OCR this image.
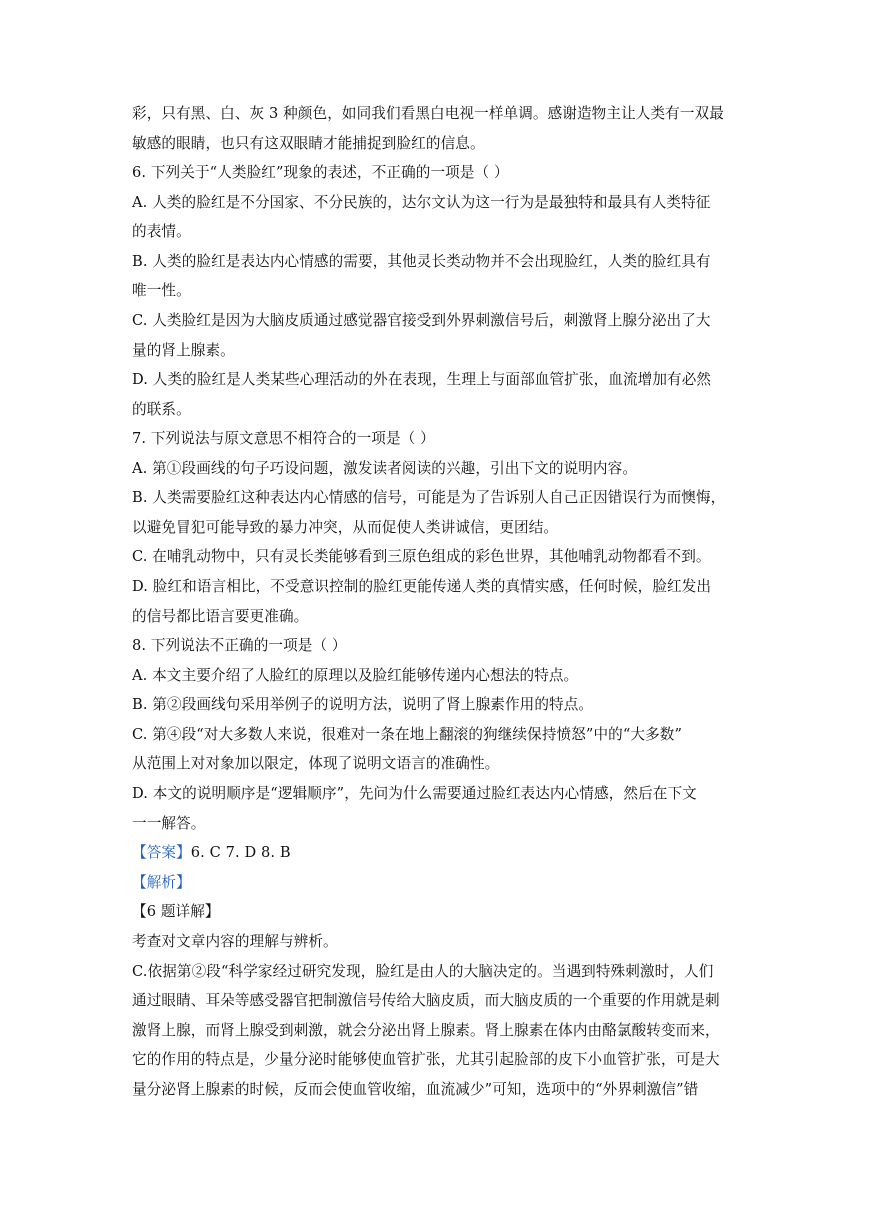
彩，只有黑、白、灰 3 种颜色，如同我们看黑白电视一样单调。感谢造物主让人类有一双最
敏感的眼睛，也只有这双眼睛才能捕捉到脸红的信息。
6. 下列关于“人类脸红”现象的表述，不正确的一项是（ ）
A. 人类的脸红是不分国家、不分民族的，达尔文认为这一行为是最独特和最具有人类特征
的表情。
B. 人类的脸红是表达内心情感的需要，其他灵长类动物并不会出现脸红，人类的脸红具有
唯一性。
C. 人类脸红是因为大脑皮质通过感觉器官接受到外界刺激信号后，刺激肾上腺分泌出了大
量的肾上腺素。
D. 人类的脸红是人类某些心理活动的外在表现，生理上与面部血管扩张，血流增加有必然
的联系。
7. 下列说法与原文意思不相符合的一项是（ ）
A. 第①段画线的句子巧设问题，激发读者阅读的兴趣，引出下文的说明内容。
B. 人类需要脸红这种表达内心情感的信号，可能是为了告诉别人自己正因错误行为而懊悔，
以避免冒犯可能导致的暴力冲突，从而促使人类讲诚信，更团结。
C. 在哺乳动物中，只有灵长类能够看到三原色组成的彩色世界，其他哺乳动物都看不到。
D. 脸红和语言相比，不受意识控制的脸红更能传递人类的真情实感，任何时候，脸红发出
的信号都比语言要更准确。
8. 下列说法不正确的一项是（ ）
A. 本文主要介绍了人脸红的原理以及脸红能够传递内心想法的特点。
B. 第②段画线句采用举例子的说明方法，说明了肾上腺素作用的特点。
C. 第④段“对大多数人来说，很难对一条在地上翻滚的狗继续保持愤怒”中的“大多数”
从范围上对对象加以限定，体现了说明文语言的准确性。
D. 本文的说明顺序是“逻辑顺序”，先问为什么需要通过脸红表达内心情感，然后在下文
一一解答。
【答案】6. C 7. D 8. B
【解析】
【6 题详解】
考查对文章内容的理解与辨析。
C.依据第②段“科学家经过研究发现，脸红是由人的大脑决定的。当遇到特殊刺激时，人们
通过眼睛、耳朵等感受器官把制激信号传给大脑皮质，而大脑皮质的一个重要的作用就是刺
激肾上腺，而肾上腺受到刺激，就会分泌出肾上腺素。肾上腺素在体内由酪氯酸转变而来，
它的作用的特点是，少量分泌时能够使血管扩张，尤其引起脸部的皮下小血管扩张，可是大
量分泌肾上腺素的时候，反而会使血管收缩，血流减少”可知，选项中的“外界刺激信”错
